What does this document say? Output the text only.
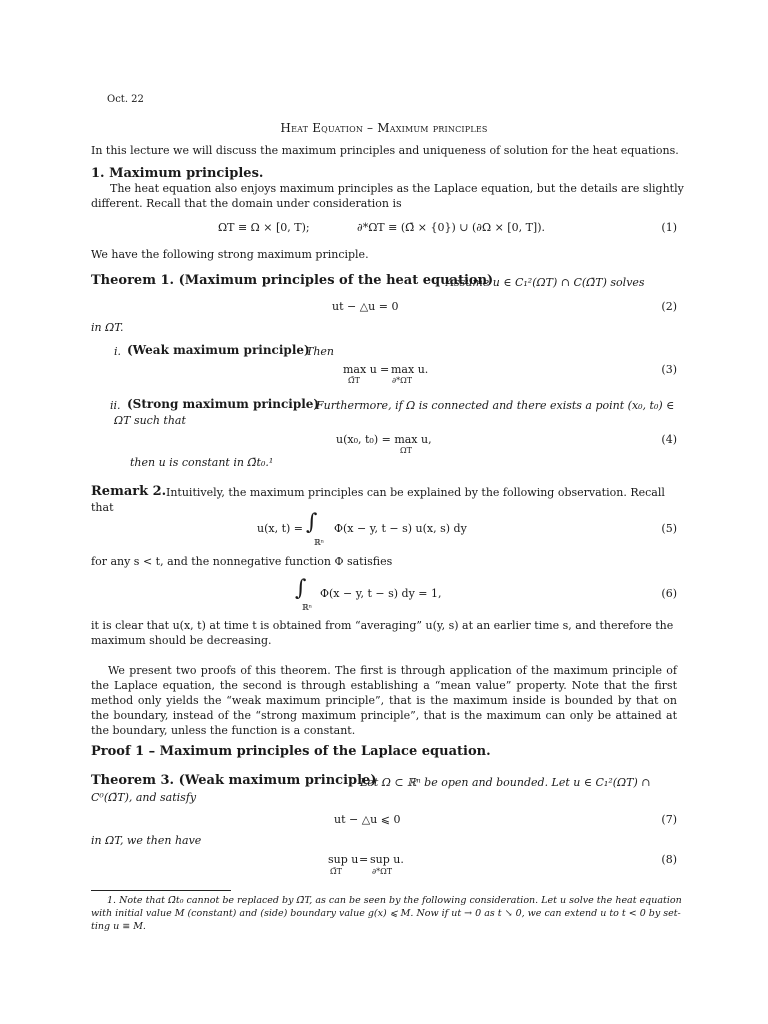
Oct. 22
Heat Equation – Maximum principles
In this lecture we will discuss the maximum principles and uniqueness of solution for the heat equations.
1. Maximum principles.
The heat equation also enjoys maximum principles as the Laplace equation, but the details are slightly
different. Recall that the domain under consideration is
ΩT ≡ Ω × [0, T);	∂*ΩT ≡ (Ω̄ × {0}) ∪ (∂Ω × [0, T]).	(1)
We have the following strong maximum principle.
Theorem 1. (Maximum principles of the heat equation)
Assume u ∈ C₁²(ΩT) ∩ C(Ω̄T) solves
ut − △u = 0	(2)
in ΩT.
i. (Weak maximum principle)
Then
max u
Ω̄T
= max u.
∂*ΩT
(3)
ii. (Strong maximum principle)
Furthermore, if Ω is connected and there exists a point (x₀, t₀) ∈
ΩT such that
u(x₀, t₀) = max u,
ΩT
(4)
then u is constant in Ω̄t₀.¹
Remark 2. Intuitively, the maximum principles can be explained by the following observation. Recall
that
u(x, t) = ∫
ℝⁿ
Φ(x − y, t − s) u(x, s) dy	(5)
for any s < t, and the nonnegative function Φ satisfies
∫
ℝⁿ
Φ(x − y, t − s) dy = 1,	(6)
it is clear that u(x, t) at time t is obtained from “averaging” u(y, s) at an earlier time s, and therefore the
maximum should be decreasing.
We present two proofs of this theorem. The first is through application of the maximum principle of the Laplace equation, the second is through establishing a “mean value” property. Note that the first method only yields the “weak maximum principle”, that is the maximum inside is bounded by that on the boundary, instead of the “strong maximum principle”, that is the maximum can only be attained at the boundary, unless the function is a constant.
Proof 1 – Maximum principles of the Laplace equation.
Theorem 3. (Weak maximum principle)
Let Ω ⊂ ℝⁿ be open and bounded. Let u ∈ C₁²(ΩT) ∩
C⁰(Ω̄T), and satisfy
ut − △u ⩽ 0	(7)
in ΩT, we then have
sup u
Ω̄T
= sup u.
∂*ΩT
(8)
1. Note that Ω̄t₀ cannot be replaced by Ω̄T, as can be seen by the following consideration. Let u solve the heat equation
with initial value M (constant) and (side) boundary value g(x) ⩽ M. Now if ut → 0 as t ↘ 0, we can extend u to t < 0 by set-
ting u ≡ M.
